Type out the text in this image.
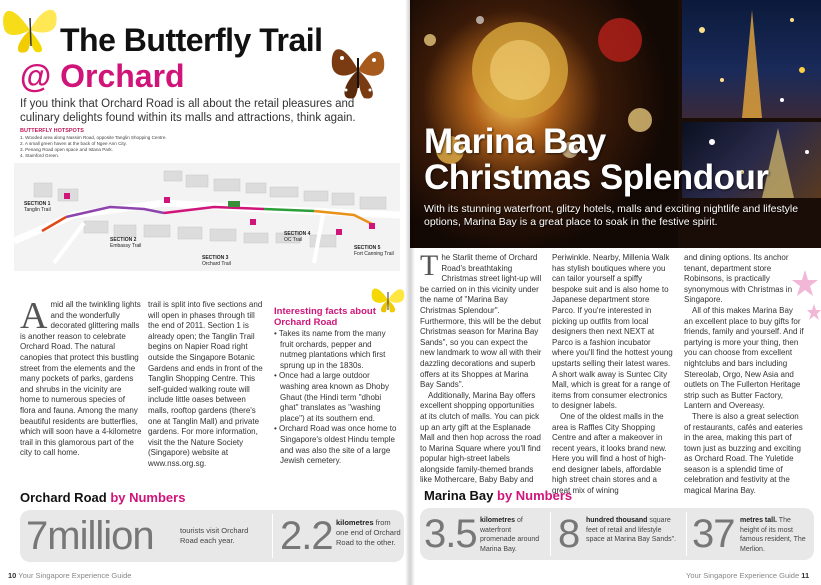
The Butterfly Trail
@ Orchard
If you think that Orchard Road is all about the retail pleasures and culinary delights found within its malls and attractions, think again.
BUTTERFLY HOTSPOTS
1. Wooded area along Nassim Road, opposite Tanglin Shopping Centre.
2. A small green haven at the back of Ngee Ann City.
3. Penang Road open space and Istana Park.
4. Stamford Green.
SECTION 1
Tanglin Trail
SECTION 2
Embassy Trail
SECTION 3
Orchard Trail
SECTION 4
OC Trail
SECTION 5
Fort Canning Trail
Amid all the twinkling lights and the wonderfully decorated glittering malls is another reason to celebrate Orchard Road. The natural canopies that protect this bustling street from the elements and the many pockets of parks, gardens and shrubs in the vicinity are home to numerous species of flora and fauna. Among the many beautiful residents are butterflies, which will soon have a 4-kilometre trail in this glamorous part of the city to call home.
trail is split into five sections and will open in phases through till the end of 2011. Section 1 is already open; the Tanglin Trail begins on Napier Road right outside the Singapore Botanic Gardens and ends in front of the Tanglin Shopping Centre. This self-guided walking route will include little oases between malls, rooftop gardens (there's one at Tanglin Mall) and private gardens. For more information, visit the the Nature Society (Singapore) website at www.nss.org.sg.
Interesting facts about Orchard Road
• Takes its name from the many fruit orchards, pepper and nutmeg plantations which first sprung up in the 1830s.
• Once had a large outdoor washing area known as Dhoby Ghaut (the Hindi term "dhobi ghat" translates as "washing place") at its southern end.
• Orchard Road was once home to Singapore's oldest Hindu temple and was also the site of a large Jewish cemetery.
Orchard Road by Numbers
7million	tourists visit Orchard Road each year.	2.2 kilometres from one end of Orchard Road to the other.
10 Your Singapore Experience Guide
Marina Bay
Christmas Splendour
With its stunning waterfront, glitzy hotels, malls and exciting nightlife and lifestyle options, Marina Bay is a great place to soak in the festive spirit.

The Starlit theme of Orchard Road's breathtaking Christmas street light-up will be carried on in this vicinity under the name of "Marina Bay Christmas Splendour". Furthermore, this will be the debut Christmas season for Marina Bay Sands", so you can expect the new landmark to wow all with their dazzling decorations and superb offers at its Shoppes at Marina Bay Sands".

Additionally, Marina Bay offers excellent shopping opportunities at its clutch of malls. You can pick up an arty gift at the Esplanade Mall and then hop across the road to Marina Square where you'll find popular high-street labels alongside family-themed brands like Mothercare, Baby Baby and

Periwinkle. Nearby, Millenia Walk has stylish boutiques where you can tailor yourself a spiffy bespoke suit and is also home to Japanese department store Parco. If you're interested in picking up outfits from local designers then next NEXT at Parco is a fashion incubator where you'll find the hottest young upstarts selling their latest wares. A short walk away is Suntec City Mall, which is great for a range of items from consumer electronics to designer labels.

One of the oldest malls in the area is Raffles City Shopping Centre and after a makeover in recent years, it looks brand new. Here you will find a host of high-end designer labels, affordable high street chain stores and a great mix of wining

and dining options. Its anchor tenant, department store Robinsons, is practically synonymous with Christmas in Singapore.

All of this makes Marina Bay an excellent place to buy gifts for friends, family and yourself. And if partying is more your thing, then you can choose from excellent nightclubs and bars including Stereolab, Orgo, New Asia and outlets on The Fullerton Heritage strip such as Butter Factory, Lantern and Overeasy.

There is also a great selection of restaurants, cafés and eateries in the area, making this part of town just as buzzing and exciting as Orchard Road. The Yuletide season is a splendid time of celebration and festivity at the magical Marina Bay.

Marina Bay by Numbers
3.5 kilometres of waterfront promenade around Marina Bay.	8 hundred thousand square feet of retail and lifestyle space at Marina Bay Sands". 37 metres tall. The height of its most famous resident, The Merlion.
Your Singapore Experience Guide 11
